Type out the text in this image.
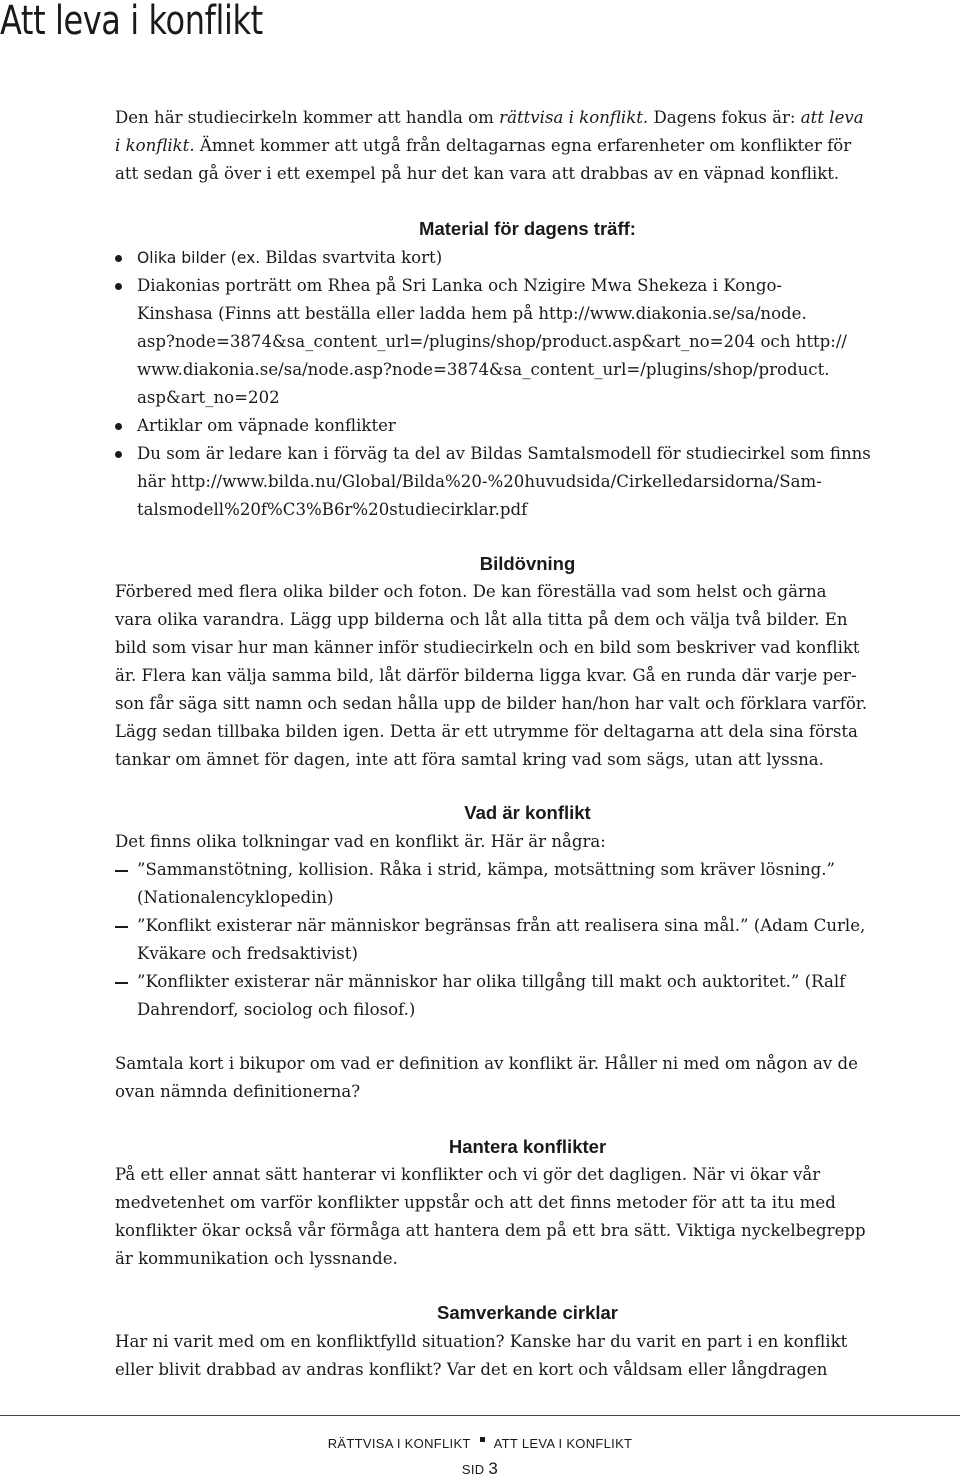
Att leva i konflikt
Den här studiecirkeln kommer att handla om rättvisa i konflikt. Dagens fokus är: att leva
i konflikt. Ämnet kommer att utgå från deltagarnas egna erfarenheter om konflikter för
att sedan gå över i ett exempel på hur det kan vara att drabbas av en väpnad konflikt.
Material för dagens träff:
Olika bilder (ex. Bildas svartvita kort)
Diakonias porträtt om Rhea på Sri Lanka och Nzigire Mwa Shekeza i Kongo-
Kinshasa (Finns att beställa eller ladda hem på http://www.diakonia.se/sa/node.
asp?node=3874&sa_content_url=/plugins/shop/product.asp&art_no=204 och http://
www.diakonia.se/sa/node.asp?node=3874&sa_content_url=/plugins/shop/product.
asp&art_no=202
Artiklar om väpnade konflikter
Du som är ledare kan i förväg ta del av Bildas Samtalsmodell för studiecirkel som finns
här http://www.bilda.nu/Global/Bilda%20-%20huvudsida/Cirkelledarsidorna/Sam-
talsmodell%20f%C3%B6r%20studiecirklar.pdf
Bildövning
Förbered med flera olika bilder och foton. De kan föreställa vad som helst och gärna
vara olika varandra. Lägg upp bilderna och låt alla titta på dem och välja två bilder. En
bild som visar hur man känner inför studiecirkeln och en bild som beskriver vad konflikt
är. Flera kan välja samma bild, låt därför bilderna ligga kvar. Gå en runda där varje per-
son får säga sitt namn och sedan hålla upp de bilder han/hon har valt och förklara varför.
Lägg sedan tillbaka bilden igen. Detta är ett utrymme för deltagarna att dela sina första
tankar om ämnet för dagen, inte att föra samtal kring vad som sägs, utan att lyssna.
Vad är konflikt
Det finns olika tolkningar vad en konflikt är. Här är några:
”Sammanstötning, kollision. Råka i strid, kämpa, motsättning som kräver lösning.”
(Nationalencyklopedin)
”Konflikt existerar när människor begränsas från att realisera sina mål.” (Adam Curle,
Kväkare och fredsaktivist)
”Konflikter existerar när människor har olika tillgång till makt och auktoritet.” (Ralf
Dahrendorf, sociolog och filosof.)
Samtala kort i bikupor om vad er definition av konflikt är. Håller ni med om någon av de
ovan nämnda definitionerna?
Hantera konflikter
På ett eller annat sätt hanterar vi konflikter och vi gör det dagligen. När vi ökar vår
medvetenhet om varför konflikter uppstår och att det finns metoder för att ta itu med
konflikter ökar också vår förmåga att hantera dem på ett bra sätt. Viktiga nyckelbegrepp
är kommunikation och lyssnande.
Samverkande cirklar
Har ni varit med om en konfliktfylld situation? Kanske har du varit en part i en konflikt
eller blivit drabbad av andras konflikt? Var det en kort och våldsam eller långdragen
RÄTTVISA I KONFLIKT ATT LEVA I KONFLIKT
SID 3
